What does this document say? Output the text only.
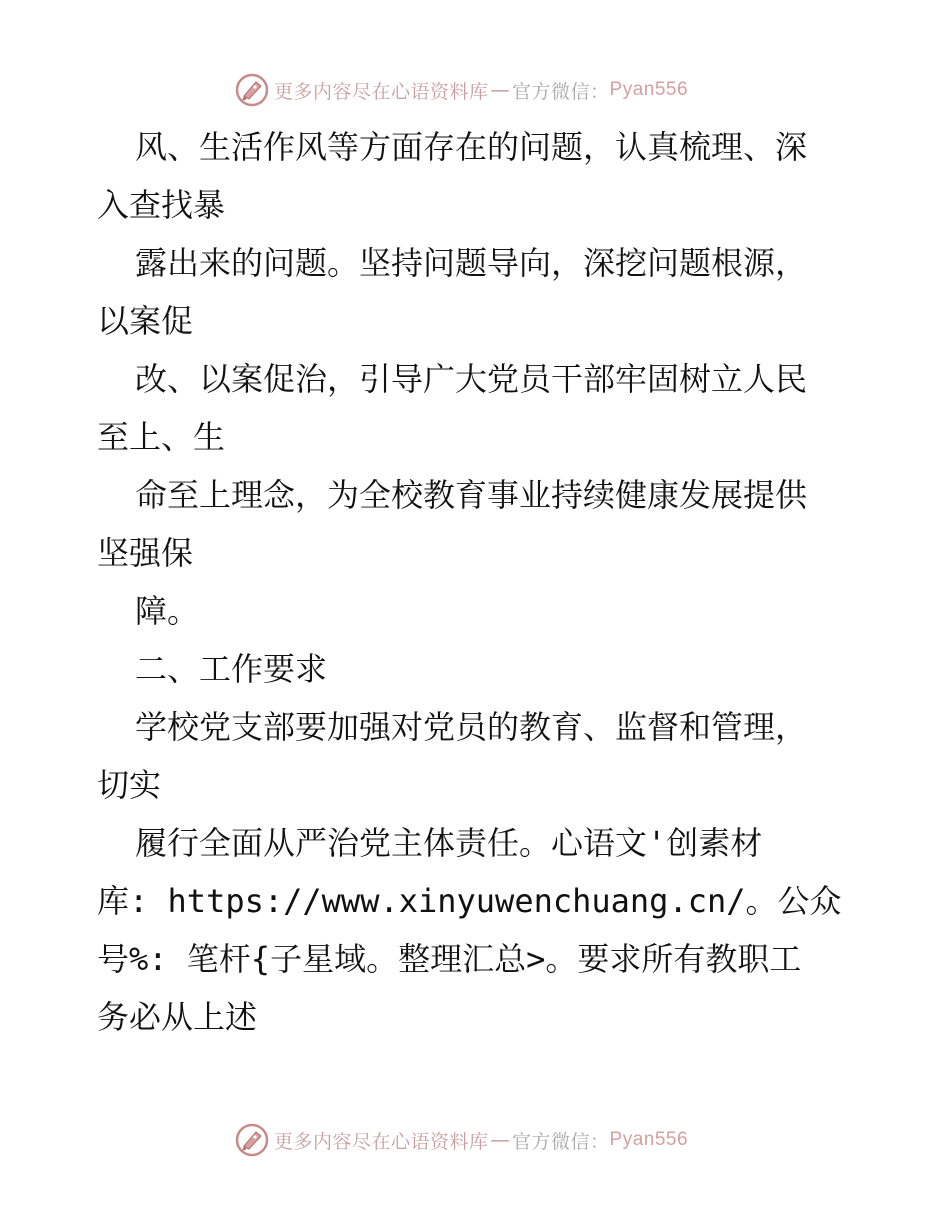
更多内容尽在心语资料库 — 官方微信： Pyan556
风、生活作风等方面存在的问题，认真梳理、深
入查找暴
露出来的问题。坚持问题导向，深挖问题根源，
以案促
改、以案促治，引导广大党员干部牢固树立人民
至上、生
命至上理念，为全校教育事业持续健康发展提供
坚强保
障。
二、工作要求
学校党支部要加强对党员的教育、监督和管理，
切实
履行全面从严治党主体责任。心语文'创素材
库: https://www.xinyuwenchuang.cn/。公众
号%: 笔杆{子星域。整理汇总>。要求所有教职工
务必从上述
更多内容尽在心语资料库 — 官方微信： Pyan556
